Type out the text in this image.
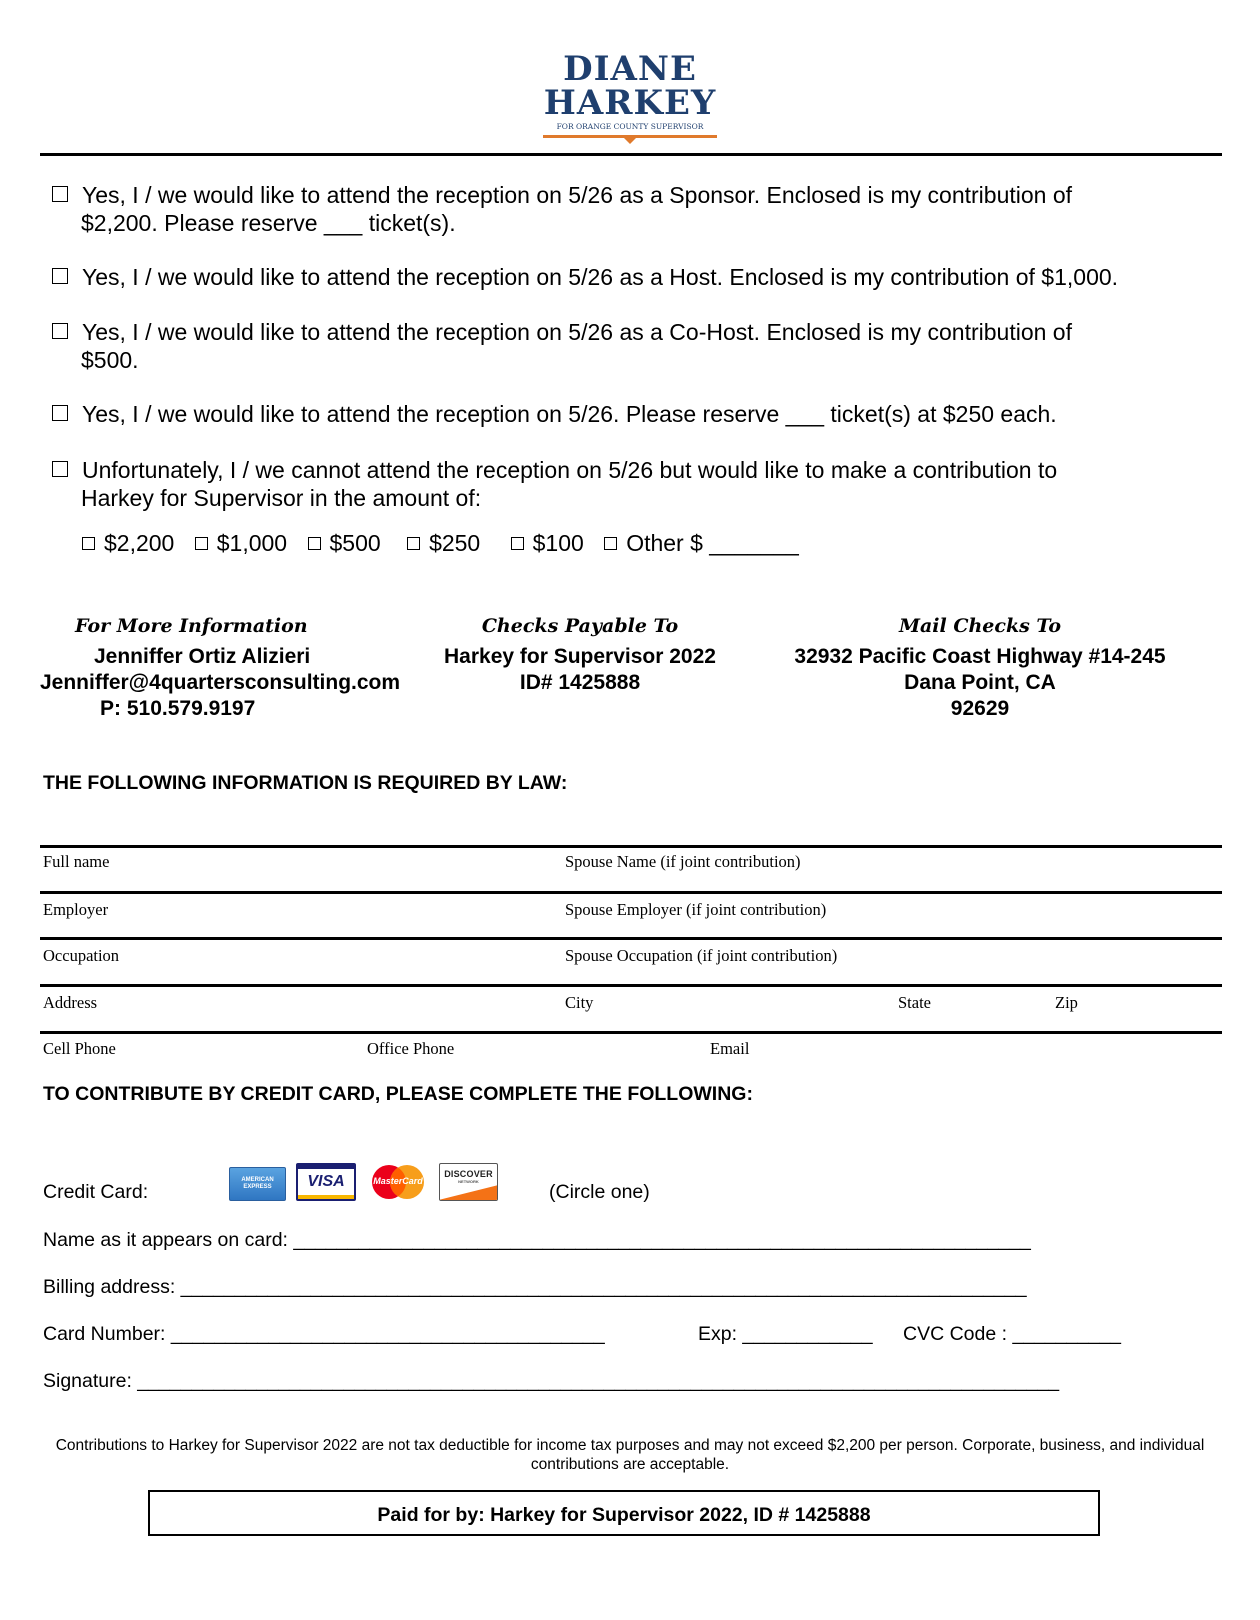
DIANE
HARKEY
FOR ORANGE COUNTY SUPERVISOR
Yes, I / we would like to attend the reception on 5/26 as a Sponsor. Enclosed is my contribution of
$2,200. Please reserve ___ ticket(s).
Yes, I / we would like to attend the reception on 5/26 as a Host. Enclosed is my contribution of $1,000.
Yes, I / we would like to attend the reception on 5/26 as a Co-Host. Enclosed is my contribution of
$500.
Yes, I / we would like to attend the reception on 5/26. Please reserve ___ ticket(s) at $250 each.
Unfortunately, I / we cannot attend the reception on 5/26 but would like to make a contribution to
Harkey for Supervisor in the amount of:
$2,200 $1,000 $500 $250 $100 Other $ _______
For More Information
Jenniffer Ortiz Alizieri
Jenniffer@4quartersconsulting.com
P: 510.579.9197
Checks Payable To
Harkey for Supervisor 2022
ID# 1425888
Mail Checks To
32932 Pacific Coast Highway #14-245
Dana Point, CA
92629
THE FOLLOWING INFORMATION IS REQUIRED BY LAW:
Full name	Spouse Name (if joint contribution)
Employer	Spouse Employer (if joint contribution)
Occupation	Spouse Occupation (if joint contribution)
Address	City	State	Zip
Cell Phone	Office Phone	Email
TO CONTRIBUTE BY CREDIT CARD, PLEASE COMPLETE THE FOLLOWING:
Credit Card:
AMERICAN EXPRESS	VISA	MasterCard
DISCOVER
NETWORK	(Circle one)
Name as it appears on card: ____________________________________________________________________
Billing address: ______________________________________________________________________________
Card Number: ________________________________________	Exp: ____________ CVC Code : __________
Signature: _____________________________________________________________________________________
Contributions to Harkey for Supervisor 2022 are not tax deductible for income tax purposes and may not exceed $2,200 per person. Corporate, business, and individual contributions are acceptable.
Paid for by: Harkey for Supervisor 2022, ID # 1425888
